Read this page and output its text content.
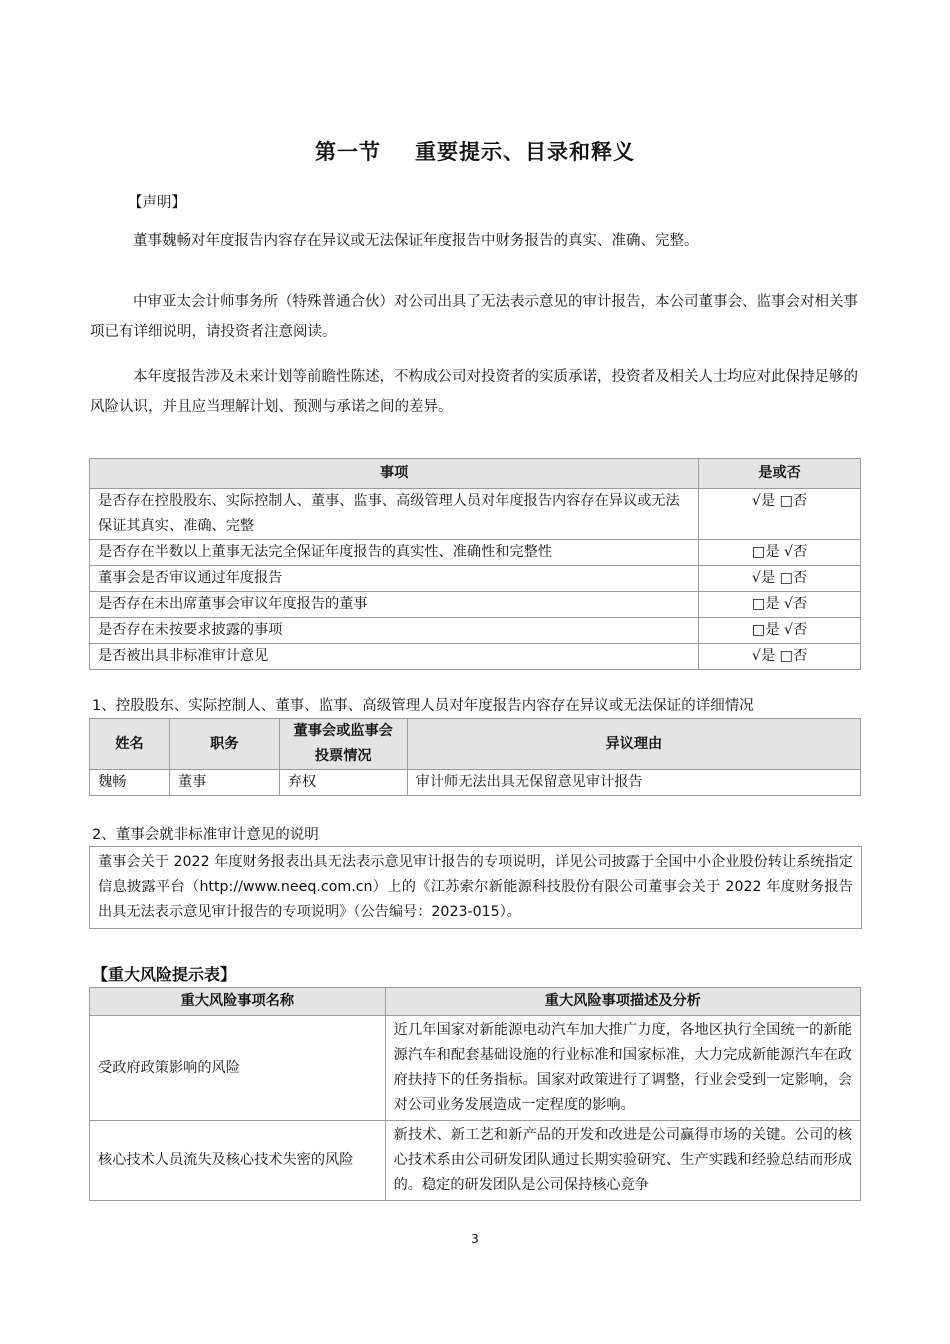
第一节 重要提示、目录和释义
【声明】
董事魏畅对年度报告内容存在异议或无法保证年度报告中财务报告的真实、准确、完整。
中审亚太会计师事务所（特殊普通合伙）对公司出具了无法表示意见的审计报告，本公司董事会、监事会对相关事项已有详细说明，请投资者注意阅读。
本年度报告涉及未来计划等前瞻性陈述，不构成公司对投资者的实质承诺，投资者及相关人士均应对此保持足够的风险认识，并且应当理解计划、预测与承诺之间的差异。
事项	是或否
是否存在控股股东、实际控制人、董事、监事、高级管理人员对年度报告内容存在异议或无法保证其真实、准确、完整	√是 □否
是否存在半数以上董事无法完全保证年度报告的真实性、准确性和完整性	□是 √否
董事会是否审议通过年度报告	√是 □否
是否存在未出席董事会审议年度报告的董事	□是 √否
是否存在未按要求披露的事项	□是 √否
是否被出具非标准审计意见	√是 □否
1、控股股东、实际控制人、董事、监事、高级管理人员对年度报告内容存在异议或无法保证的详细情况
姓名	职务	董事会或监事会投票情况	异议理由
魏畅	董事	弃权	审计师无法出具无保留意见审计报告
2、董事会就非标准审计意见的说明
董事会关于 2022 年度财务报表出具无法表示意见审计报告的专项说明，详见公司披露于全国中小企业股份转让系统指定信息披露平台（http://www.neeq.com.cn）上的《江苏索尔新能源科技股份有限公司董事会关于 2022 年度财务报告出具无法表示意见审计报告的专项说明》（公告编号：2023-015）。
【重大风险提示表】
重大风险事项名称	重大风险事项描述及分析
受政府政策影响的风险	近几年国家对新能源电动汽车加大推广力度，各地区执行全国统一的新能源汽车和配套基础设施的行业标准和国家标准，大力完成新能源汽车在政府扶持下的任务指标。国家对政策进行了调整，行业会受到一定影响，会对公司业务发展造成一定程度的影响。
核心技术人员流失及核心技术失密的风险	新技术、新工艺和新产品的开发和改进是公司赢得市场的关键。公司的核心技术系由公司研发团队通过长期实验研究、生产实践和经验总结而形成的。稳定的研发团队是公司保持核心竞争
3
